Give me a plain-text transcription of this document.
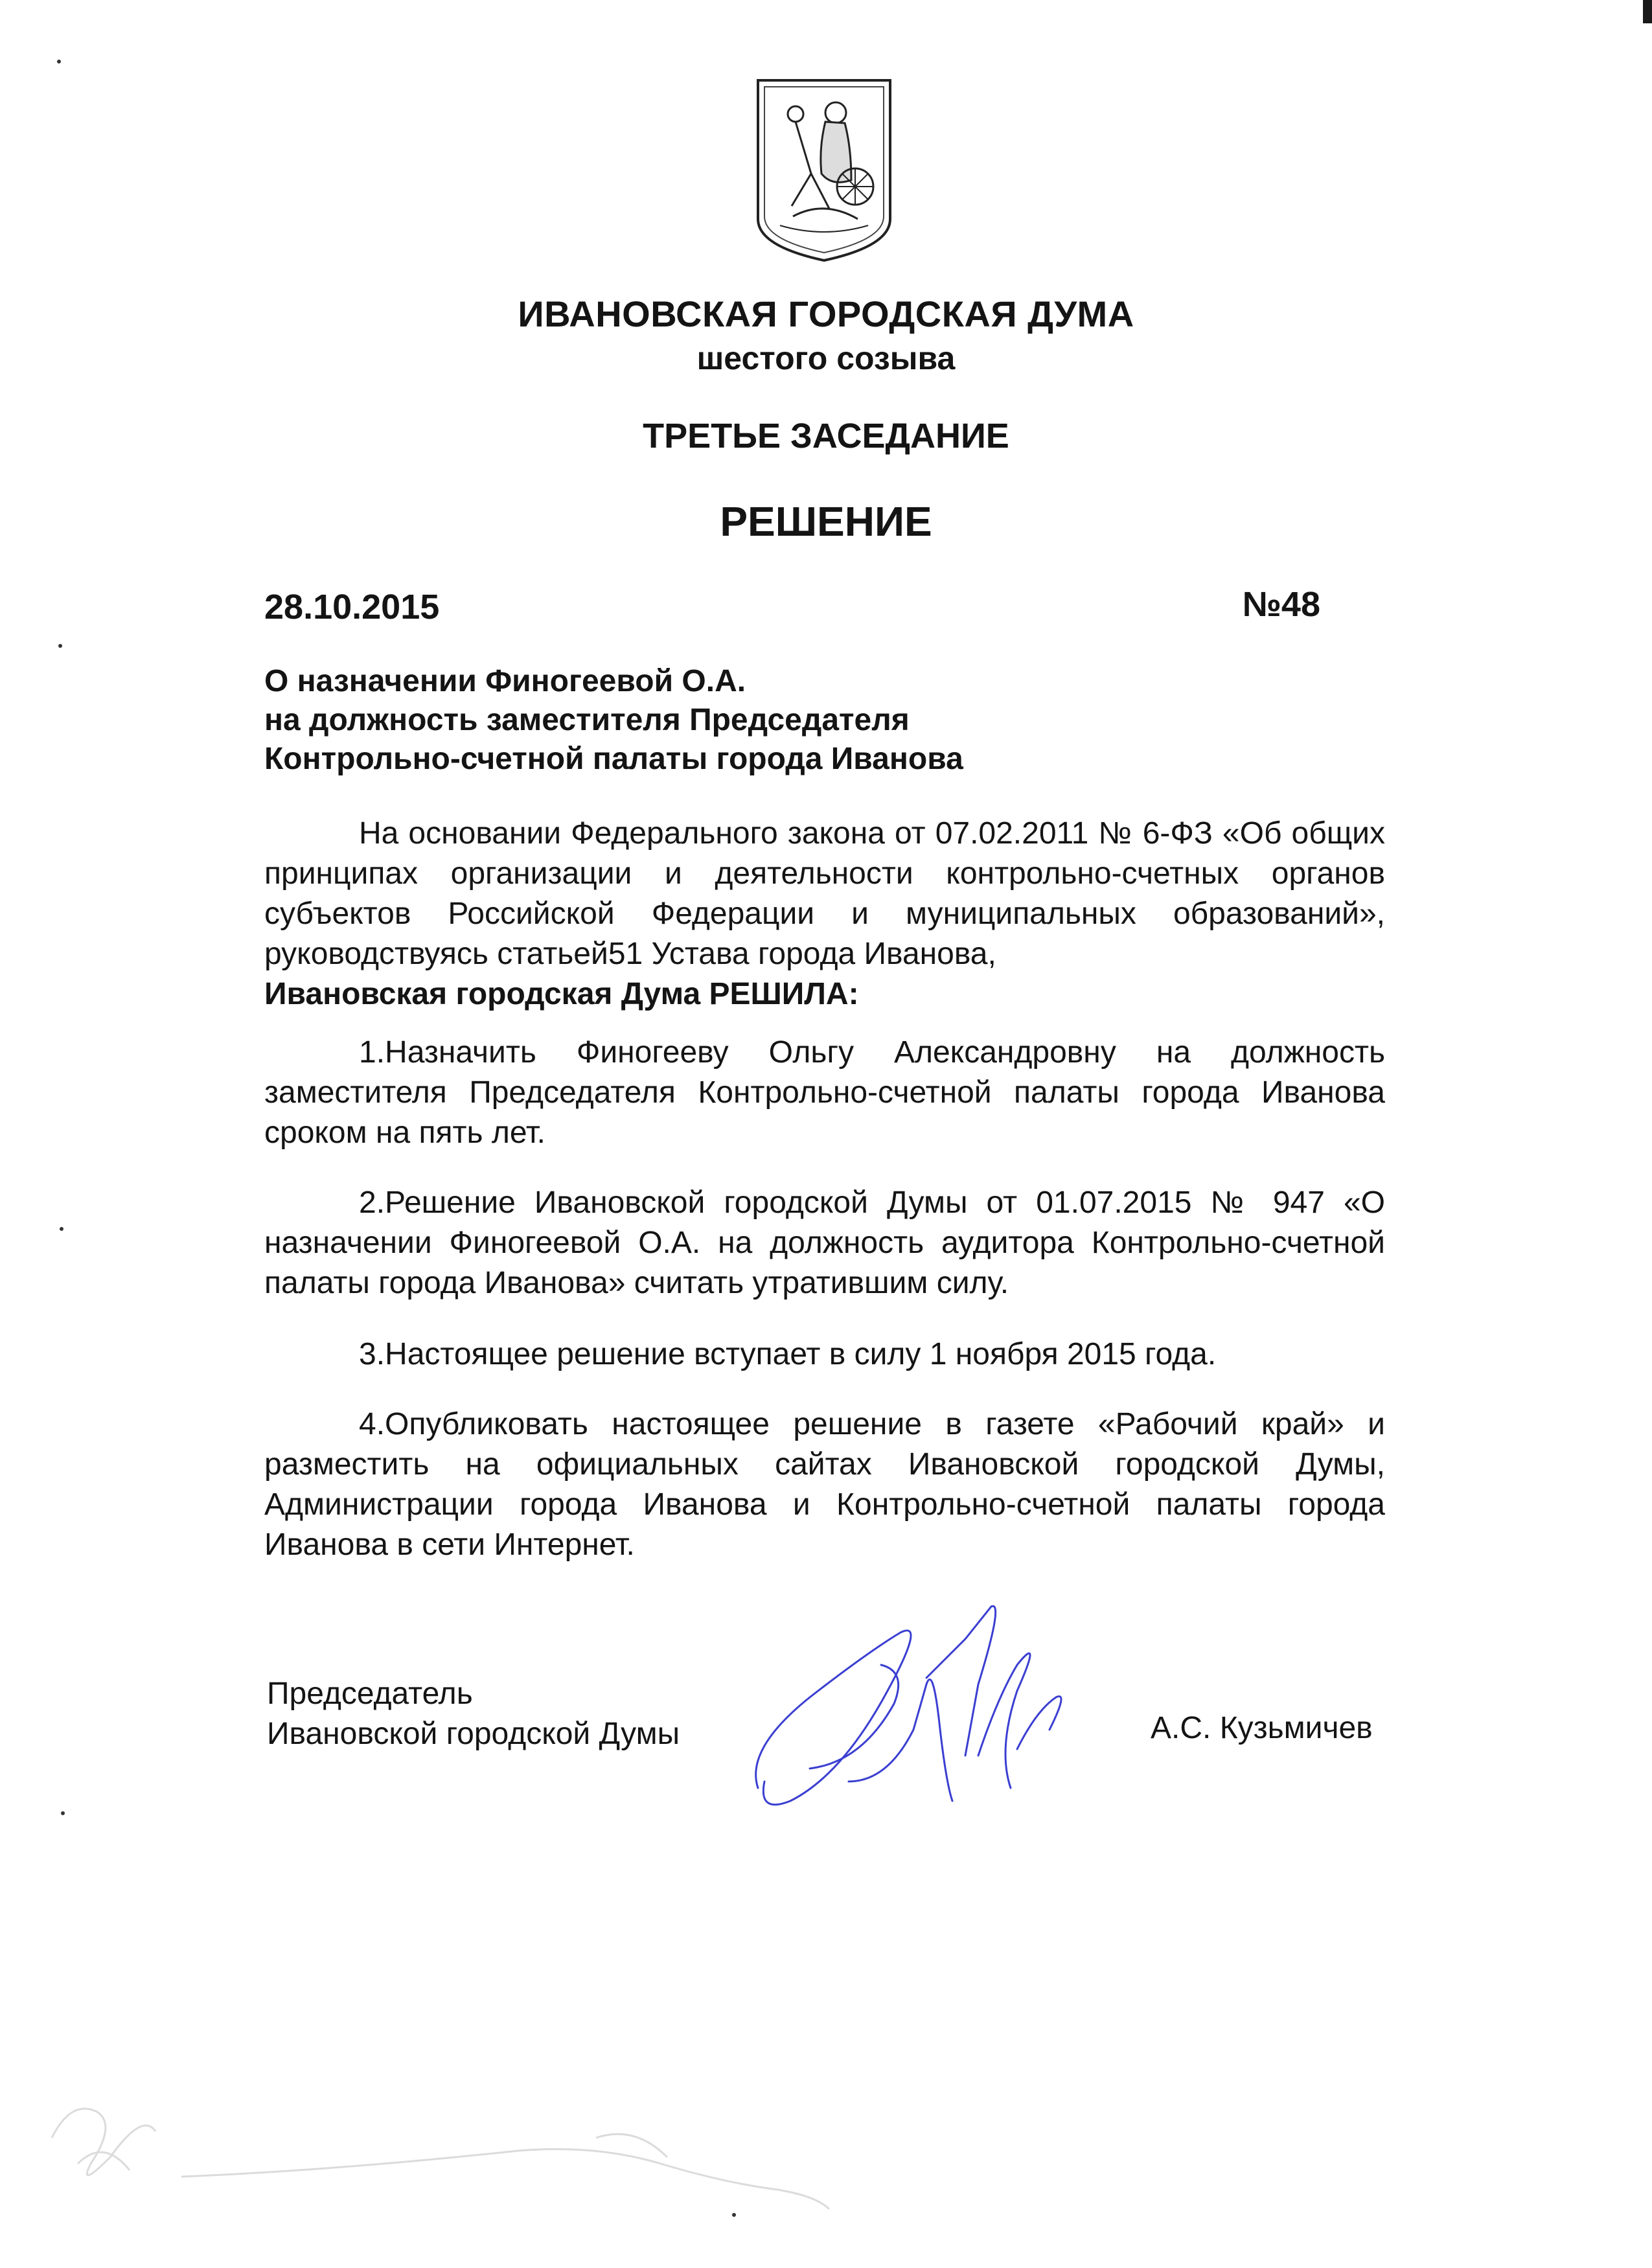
ИВАНОВСКАЯ ГОРОДСКАЯ ДУМА
шестого созыва
ТРЕТЬЕ ЗАСЕДАНИЕ
РЕШЕНИЕ
28.10.2015	№48
О назначении Финогеевой О.А.
на должность заместителя Председателя
Контрольно-счетной палаты города Иванова
На основании Федерального закона от 07.02.2011 № 6-ФЗ «Об общих принципах организации и деятельности контрольно-счетных органов субъектов Российской Федерации и муниципальных образований», руководствуясь статьей51 Устава города Иванова,
Ивановская городская Дума РЕШИЛА:

1.Назначить Финогееву Ольгу Александровну на должность заместителя Председателя Контрольно-счетной палаты города Иванова сроком на пять лет.

2.Решение Ивановской городской Думы от 01.07.2015 № 947 «О назначении Финогеевой О.А. на должность аудитора Контрольно-счетной палаты города Иванова» считать утратившим силу.

3.Настоящее решение вступает в силу 1 ноября 2015 года.

4.Опубликовать настоящее решение в газете «Рабочий край» и разместить на официальных сайтах Ивановской городской Думы, Администрации города Иванова и Контрольно-счетной палаты города Иванова в сети Интернет.

Председатель
Ивановской городской Думы	А.С. Кузьмичев
